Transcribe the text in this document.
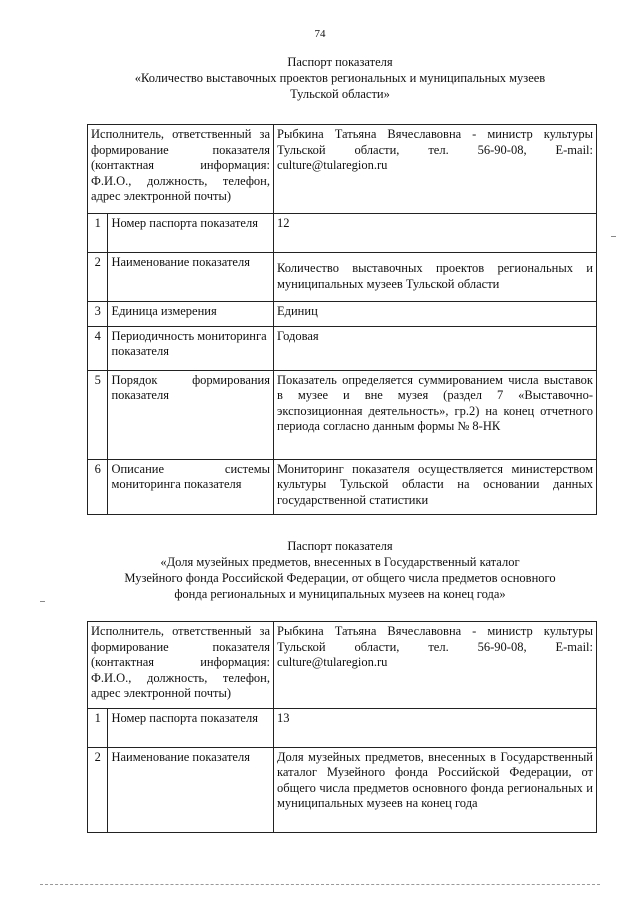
74
Паспорт показателя
«Количество выставочных проектов региональных и муниципальных музеев
Тульской области»
Исполнитель, ответственный за формирование показателя (контактная информация: Ф.И.О., должность, телефон, адрес электронной почты)		Рыбкина Татьяна Вячеславовна - министр культуры Тульской области, тел. 56-90-08, E-mail: culture@tularegion.ru
1	Номер паспорта показателя	12
2	Наименование показателя	Количество выставочных проектов региональных и муниципальных музеев Тульской области
3	Единица измерения	Единиц
4	Периодичность мониторинга показателя	Годовая
5	Порядок формирования показателя	Показатель определяется суммированием числа выставок в музее и вне музея (раздел 7 «Выставочно-экспозиционная деятельность», гр.2) на конец отчетного периода согласно данным формы № 8-НК
6	Описание системы мониторинга показателя	Мониторинг показателя осуществляется министерством культуры Тульской области на основании данных государственной статистики
Паспорт показателя
«Доля музейных предметов, внесенных в Государственный каталог
Музейного фонда Российской Федерации, от общего числа предметов основного
фонда региональных и муниципальных музеев на конец года»
Исполнитель, ответственный за формирование показателя (контактная информация: Ф.И.О., должность, телефон, адрес электронной почты)		Рыбкина Татьяна Вячеславовна - министр культуры Тульской области, тел. 56-90-08, E-mail: culture@tularegion.ru
1	Номер паспорта показателя	13
2	Наименование показателя	Доля музейных предметов, внесенных в Государственный каталог Музейного фонда Российской Федерации, от общего числа предметов основного фонда региональных и муниципальных музеев на конец года
